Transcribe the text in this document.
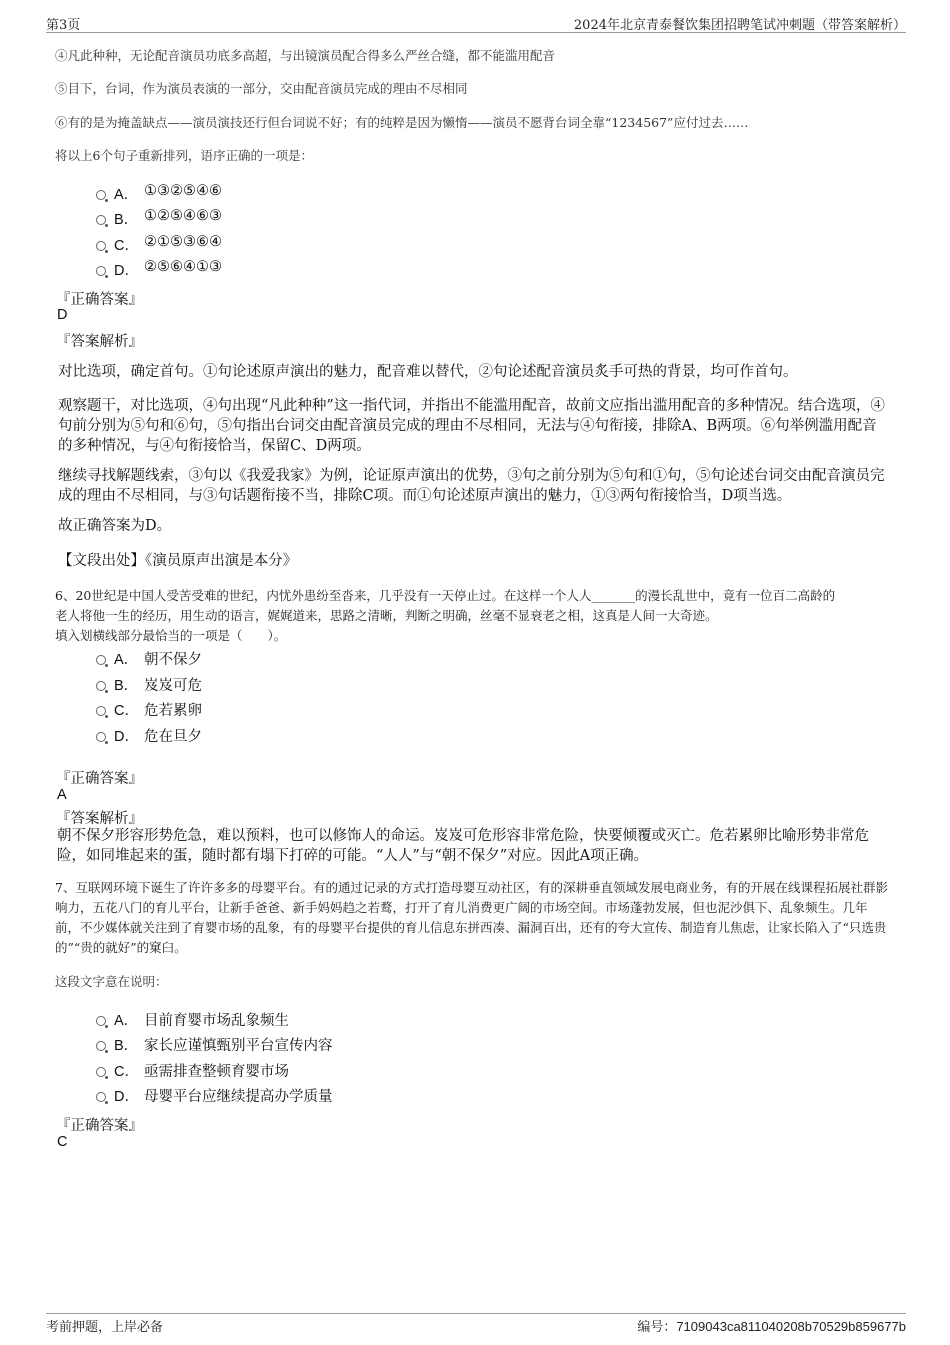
第3页	2024年北京青泰餐饮集团招聘笔试冲刺题（带答案解析）
④凡此种种，无论配音演员功底多高超，与出镜演员配合得多么严丝合缝，都不能滥用配音
⑤目下，台词，作为演员表演的一部分，交由配音演员完成的理由不尽相同
⑥有的是为掩盖缺点——演员演技还行但台词说不好；有的纯粹是因为懒惰——演员不愿背台词全靠“1234567”应付过去……
将以上6个句子重新排列，语序正确的一项是：
A． ①③②⑤④⑥
B． ①②⑤④⑥③
C． ②①⑤③⑥④
D． ②⑤⑥④①③
『正确答案』
D
『答案解析』
对比选项，确定首句。①句论述原声演出的魅力，配音难以替代，②句论述配音演员炙手可热的背景，均可作首句。
观察题干，对比选项，④句出现“凡此种种”这一指代词，并指出不能滥用配音，故前文应指出滥用配音的多种情况。结合选项，④句前分别为⑤句和⑥句，⑤句指出台词交由配音演员完成的理由不尽相同，无法与④句衔接，排除A、B两项。⑥句举例滥用配音的多种情况，与④句衔接恰当，保留C、D两项。
继续寻找解题线索，③句以《我爱我家》为例，论证原声演出的优势，③句之前分别为⑤句和①句，⑤句论述台词交由配音演员完成的理由不尽相同，与③句话题衔接不当，排除C项。而①句论述原声演出的魅力，①③两句衔接恰当，D项当选。
故正确答案为D。
【文段出处】《演员原声出演是本分》
6、20世纪是中国人受苦受难的世纪，内忧外患纷至沓来，几乎没有一天停止过。在这样一个人人_______的漫长乱世中，竟有一位百二高龄的
老人将他一生的经历，用生动的语言，娓娓道来，思路之清晰，判断之明确，丝毫不显衰老之相，这真是人间一大奇迹。
填入划横线部分最恰当的一项是（　　）。
A． 朝不保夕
B． 岌岌可危
C． 危若累卵
D． 危在旦夕
『正确答案』
A
『答案解析』
朝不保夕形容形势危急，难以预料，也可以修饰人的命运。岌岌可危形容非常危险，快要倾覆或灭亡。危若累卵比喻形势非常危险，如同堆起来的蛋，随时都有塌下打碎的可能。“人人”与“朝不保夕”对应。因此A项正确。
7、互联网环境下诞生了许许多多的母婴平台。有的通过记录的方式打造母婴互动社区，有的深耕垂直领域发展电商业务，有的开展在线课程拓展社群影响力，五花八门的育儿平台，让新手爸爸、新手妈妈趋之若鹜，打开了育儿消费更广阔的市场空间。市场蓬勃发展，但也泥沙俱下、乱象频生。几年前，不少媒体就关注到了育婴市场的乱象，有的母婴平台提供的育儿信息东拼西凑、漏洞百出，还有的夸大宣传、制造育儿焦虑，让家长陷入了“只选贵的”“贵的就好”的窠臼。
这段文字意在说明：
A． 目前育婴市场乱象频生
B． 家长应谨慎甄别平台宣传内容
C． 亟需排查整顿育婴市场
D． 母婴平台应继续提高办学质量
『正确答案』
C
考前押题，上岸必备	编号：7109043ca811040208b70529b859677b
